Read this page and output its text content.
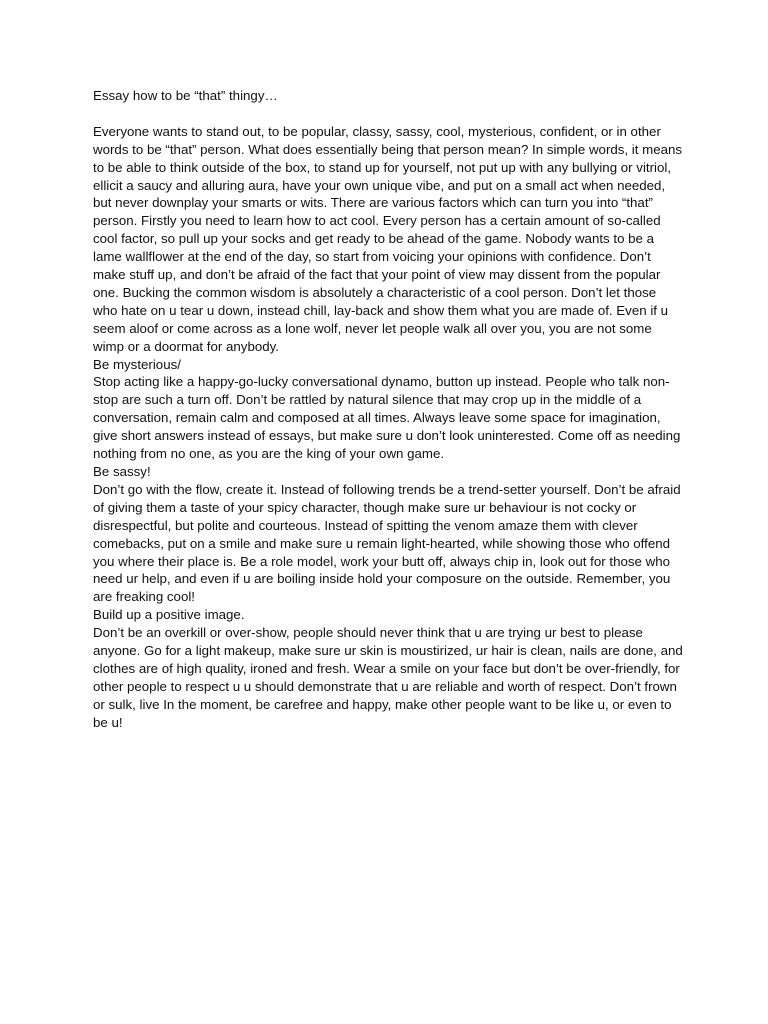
Essay how to be “that” thingy…

Everyone wants to stand out, to be popular, classy, sassy, cool, mysterious, confident, or in other words to be “that” person. What does essentially being that person mean? In simple words, it means to be able to think outside of the box, to stand up for yourself, not put up with any bullying or vitriol, ellicit a saucy and alluring aura, have your own unique vibe, and put on a small act when needed, but never downplay your smarts or wits. There are various factors which can turn you into “that” person. Firstly you need to learn how to act cool. Every person has a certain amount of so-called cool factor, so pull up your socks and get ready to be ahead of the game. Nobody wants to be a lame wallflower at the end of the day, so start from voicing your opinions with confidence. Don’t make stuff up, and don’t be afraid of the fact that your point of view may dissent from the popular one. Bucking the common wisdom is absolutely a characteristic of a cool person. Don’t let those who hate on u tear u down, instead chill, lay-back and show them what you are made of. Even if u seem aloof or come across as a lone wolf, never let people walk all over you, you are not some wimp or a doormat for anybody.

Be mysterious/

Stop acting like a happy-go-lucky conversational dynamo, button up instead. People who talk non-stop are such a turn off. Don’t be rattled by natural silence that may crop up in the middle of a conversation, remain calm and composed at all times. Always leave some space for imagination, give short answers instead of essays, but make sure u don’t look uninterested. Come off as needing nothing from no one, as you are the king of your own game.

Be sassy!

Don’t go with the flow, create it. Instead of following trends be a trend-setter yourself. Don’t be afraid of giving them a taste of your spicy character, though make sure ur behaviour is not cocky or disrespectful, but polite and courteous. Instead of spitting the venom amaze them with clever comebacks, put on a smile and make sure u remain light-hearted, while showing those who offend you where their place is. Be a role model, work your butt off, always chip in, look out for those who need ur help, and even if u are boiling inside hold your composure on the outside. Remember, you are freaking cool!

Build up a positive image.

Don’t be an overkill or over-show, people should never think that u are trying ur best to please anyone. Go for a light makeup, make sure ur skin is moustirized, ur hair is clean, nails are done, and clothes are of high quality, ironed and fresh. Wear a smile on your face but don’t be over-friendly, for other people to respect u u should demonstrate that u are reliable and worth of respect. Don’t frown or sulk, live In the moment, be carefree and happy, make other people want to be like u, or even to be u!
